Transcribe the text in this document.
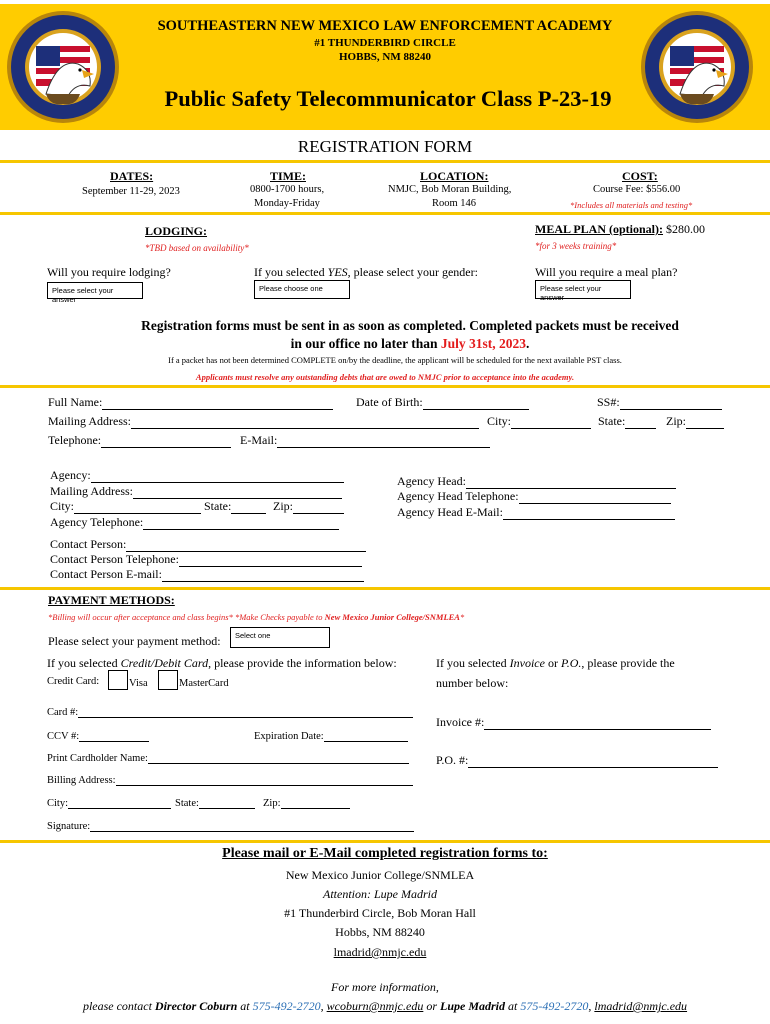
SOUTHEASTERN NEW MEXICO LAW ENFORCEMENT ACADEMY
#1 THUNDERBIRD CIRCLE
HOBBS, NM 88240
Public Safety Telecommunicator Class P-23-19
REGISTRATION FORM
DATES:
September 11-29, 2023
TIME:
0800-1700 hours,
Monday-Friday
LOCATION:
NMJC, Bob Moran Building,
Room 146
COST:
Course Fee: $556.00
*Includes all materials and testing*
LODGING:
*TBD based on availability*
Will you require lodging?
Please select your answer
If you selected YES, please select your gender:
Please choose one
MEAL PLAN (optional): $280.00
*for 3 weeks training*
Will you require a meal plan?
Please select your answer
Registration forms must be sent in as soon as completed. Completed packets must be received
in our office no later than July 31st, 2023.
If a packet has not been determined COMPLETE on/by the deadline, the applicant will be scheduled for the next available PST class.
Applicants must resolve any outstanding debts that are owed to NMJC prior to acceptance into the academy.
Full Name:	Date of Birth:	SS#:
Mailing Address:	City:	State:	Zip:
Telephone:	E-Mail:
Agency:
Mailing Address:
City:	State:	Zip:
Agency Telephone:
Agency Head:
Agency Head Telephone:
Agency Head E-Mail:
Contact Person:
Contact Person Telephone:
Contact Person E-mail:
PAYMENT METHODS:
*Billing will occur after acceptance and class begins* *Make Checks payable to New Mexico Junior College/SNMLEA*
Please select your payment method:	Select one
If you selected Credit/Debit Card, please provide the information below:
Credit Card:	Visa	MasterCard
Card #:
CCV #:	Expiration Date:
Print Cardholder Name:
Billing Address:
City:	State:	Zip:
Signature:
If you selected Invoice or P.O., please provide the
number below:
Invoice #:
P.O. #:
Please mail or E-Mail completed registration forms to:
New Mexico Junior College/SNMLEA
Attention: Lupe Madrid
#1 Thunderbird Circle, Bob Moran Hall
Hobbs, NM 88240
lmadrid@nmjc.edu
For more information,
please contact Director Coburn at 575-492-2720, wcoburn@nmjc.edu or Lupe Madrid at 575-492-2720, lmadrid@nmjc.edu
